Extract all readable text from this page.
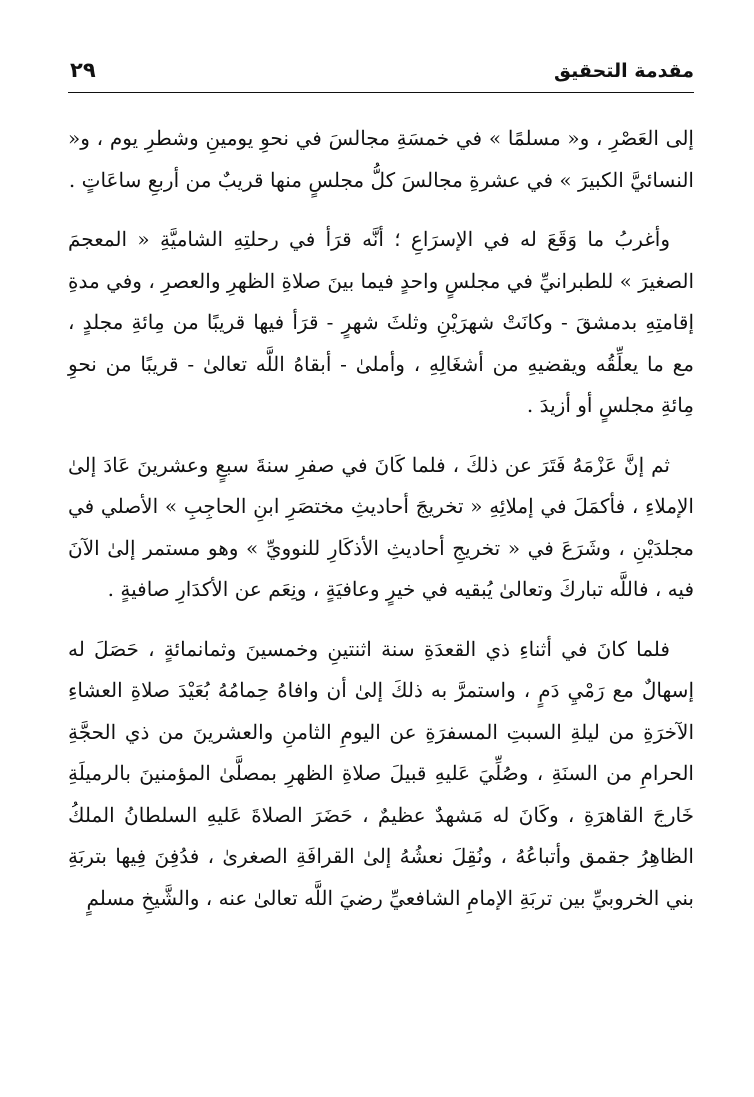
مقدمة التحقيق
٢٩

إلى العَصْرِ ، و« مسلمًا » في خمسَةِ مجالسَ في نحوِ يومينِ وشطرِ يوم ، و« النسائيَّ الكبيرَ » في عشرةِ مجالسَ كلُّ مجلسٍ منها قريبٌ من أربعِ ساعَاتٍ .

وأغربُ ما وَقَعَ له في الإسرَاعِ ؛ أنَّه قرَأ في رحلتِهِ الشاميَّةِ « المعجمَ الصغيرَ » للطبرانيِّ في مجلسٍ واحدٍ فيما بينَ صلاةِ الظهرِ والعصرِ ، وفي مدةِ إقامتِهِ بدمشقَ - وكانَتْ شهرَيْنِ وثلثَ شهرٍ - قرَأ فيها قريبًا من مِائةِ مجلدٍ ، مع ما يعلِّقُه ويقضيهِ من أشغَالِهِ ، وأملىٰ - أبقاهُ اللَّه تعالىٰ - قريبًا من نحوِ مِائةِ مجلسٍ أو أزيدَ .

ثم إنَّ عَزْمَهُ فَتَرَ عن ذلكَ ، فلما كَانَ في صفرِ سنةَ سبعٍ وعشرينَ عَادَ إلىٰ الإملاءِ ، فأكمَلَ في إملائِهِ « تخريجَ أحاديثِ مختصَرِ ابنِ الحاجِبِ » الأصلي في مجلدَيْنِ ، وشَرَعَ في « تخريجِ أحاديثِ الأذكَارِ للنوويِّ » وهو مستمر إلىٰ الآنَ فيه ، فاللَّه تباركَ وتعالىٰ يُبقيه في خيرٍ وعافيَةٍ ، ونِعَم عن الأكدَارِ صافيةٍ .

فلما كانَ في أثناءِ ذي القعدَةِ سنة اثنتينِ وخمسينَ وثمانمائةٍ ، حَصَلَ له إسهالٌ مع رَمْيِ دَمٍ ، واستمرَّ به ذلكَ إلىٰ أن وافاهُ حِمامُهُ بُعَيْدَ صلاةِ العشاءِ الآخرَةِ من ليلةِ السبتِ المسفرَةِ عن اليومِ الثامنِ والعشرينَ من ذي الحجَّةِ الحرامِ من السنَةِ ، وصُلِّيَ عَليهِ قبيلَ صلاةِ الظهرِ بمصلَّىٰ المؤمنينَ بالرميلَةِ خَارجَ القاهرَةِ ، وكَانَ له مَشهدٌ عظيمٌ ، حَضَرَ الصلاةَ عَليهِ السلطانُ الملكُ الظاهِرُ جقمق وأتباعُهُ ، ونُقِلَ نعشُهُ إلىٰ القرافَةِ الصغرىٰ ، فدُفِنَ فِيها بتربَةِ بني الخروبيِّ بين تربَةِ الإمامِ الشافعيِّ رضيَ اللَّه تعالىٰ عنه ، والشَّيخِ مسلمٍ
